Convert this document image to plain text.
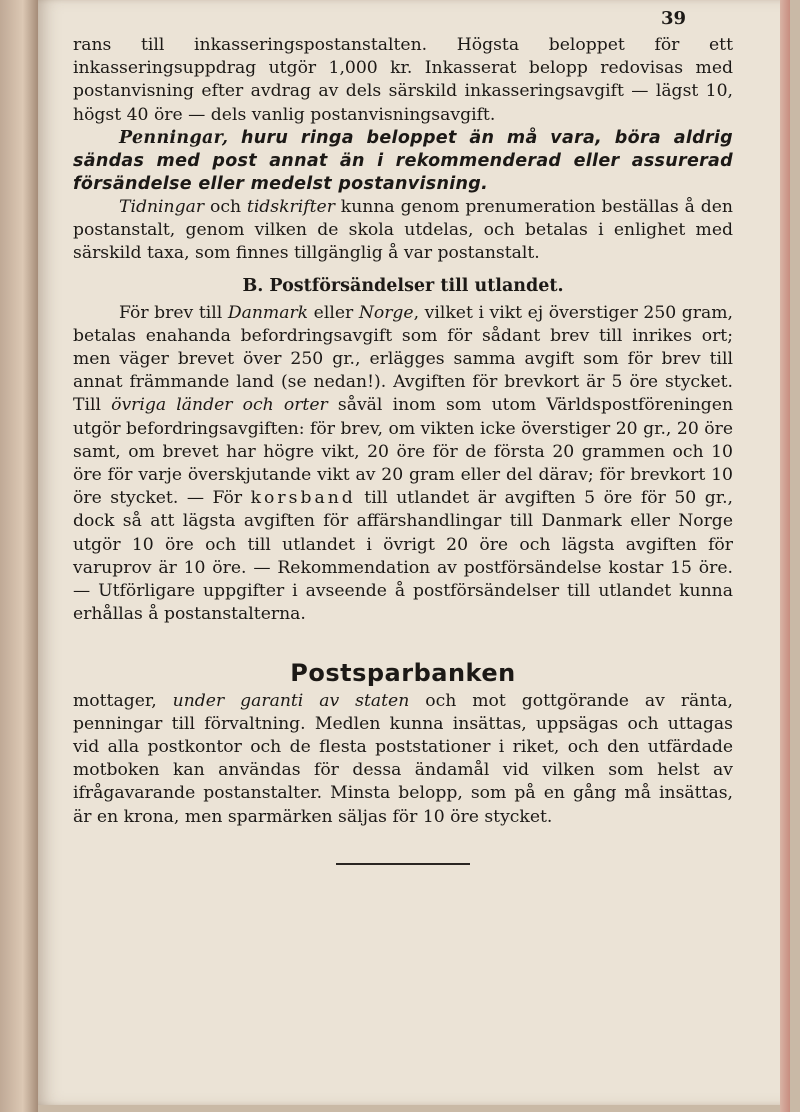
39

rans till inkasseringspostanstalten. Högsta beloppet för ett inkasseringsuppdrag utgör 1,000 kr. Inkasserat belopp redovisas med postanvisning efter avdrag av dels särskild inkasseringsavgift — lägst 10, högst 40 öre — dels vanlig postanvisningsavgift.

Penningar, huru ringa beloppet än må vara, böra aldrig sändas med post annat än i rekommenderad eller assurerad försändelse eller medelst postanvisning.

Tidningar och tidskrifter kunna genom prenumeration beställas å den postanstalt, genom vilken de skola utdelas, och betalas i enlighet med särskild taxa, som finnes tillgänglig å var postanstalt.

B. Postförsändelser till utlandet.

För brev till Danmark eller Norge, vilket i vikt ej överstiger 250 gram, betalas enahanda befordringsavgift som för sådant brev till inrikes ort; men väger brevet över 250 gr., erlägges samma avgift som för brev till annat främmande land (se nedan!). Avgiften för brevkort är 5 öre stycket. Till övriga länder och orter såväl inom som utom Världspostföreningen utgör befordringsavgiften: för brev, om vikten icke överstiger 20 gr., 20 öre samt, om brevet har högre vikt, 20 öre för de första 20 grammen och 10 öre för varje överskjutande vikt av 20 gram eller del därav; för brevkort 10 öre stycket. — För korsband till utlandet är avgiften 5 öre för 50 gr., dock så att lägsta avgiften för affärshandlingar till Danmark eller Norge utgör 10 öre och till utlandet i övrigt 20 öre och lägsta avgiften för varuprov är 10 öre. — Rekommendation av postförsändelse kostar 15 öre. — Utförligare uppgifter i avseende å postförsändelser till utlandet kunna erhållas å postanstalterna.

Postsparbanken

mottager, under garanti av staten och mot gottgörande av ränta, penningar till förvaltning. Medlen kunna insättas, uppsägas och uttagas vid alla postkontor och de flesta poststationer i riket, och den utfärdade motboken kan användas för dessa ändamål vid vilken som helst av ifrågavarande postanstalter. Minsta belopp, som på en gång må insättas, är en krona, men sparmärken säljas för 10 öre stycket.
